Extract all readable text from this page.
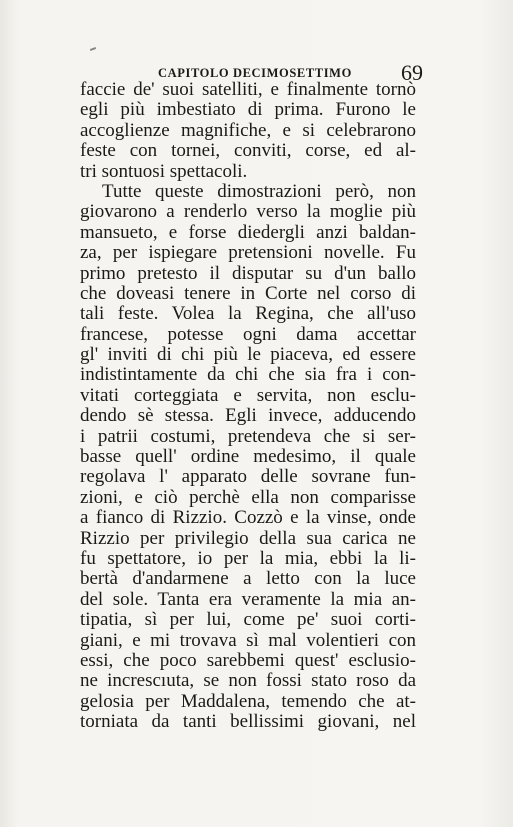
CAPITOLO DECIMOSETTIMO 69
faccie de' suoi satelliti, e finalmente tornò
egli più imbestiato di prima. Furono le
accoglienze magnifiche, e si celebrarono
feste con tornei, conviti, corse, ed al-
tri sontuosi spettacoli.
Tutte queste dimostrazioni però, non
giovarono a renderlo verso la moglie più
mansueto, e forse diedergli anzi baldan-
za, per ispiegare pretensioni novelle. Fu
primo pretesto il disputar su d'un ballo
che doveasi tenere in Corte nel corso di
tali feste. Volea la Regina, che all'uso
francese, potesse ogni dama accettar
gl' inviti di chi più le piaceva, ed essere
indistintamente da chi che sia fra i con-
vitati corteggiata e servita, non esclu-
dendo sè stessa. Egli invece, adducendo
i patrii costumi, pretendeva che si ser-
basse quell' ordine medesimo, il quale
regolava l' apparato delle sovrane fun-
zioni, e ciò perchè ella non comparisse
a fianco di Rizzio. Cozzò e la vinse, onde
Rizzio per privilegio della sua carica ne
fu spettatore, io per la mia, ebbi la li-
bertà d'andarmene a letto con la luce
del sole. Tanta era veramente la mia an-
tipatia, sì per lui, come pe' suoi corti-
giani, e mi trovava sì mal volentieri con
essi, che poco sarebbemi quest' esclusio-
ne increscıuta, se non fossi stato roso da
gelosia per Maddalena, temendo che at-
torniata da tanti bellissimi giovani, nel
